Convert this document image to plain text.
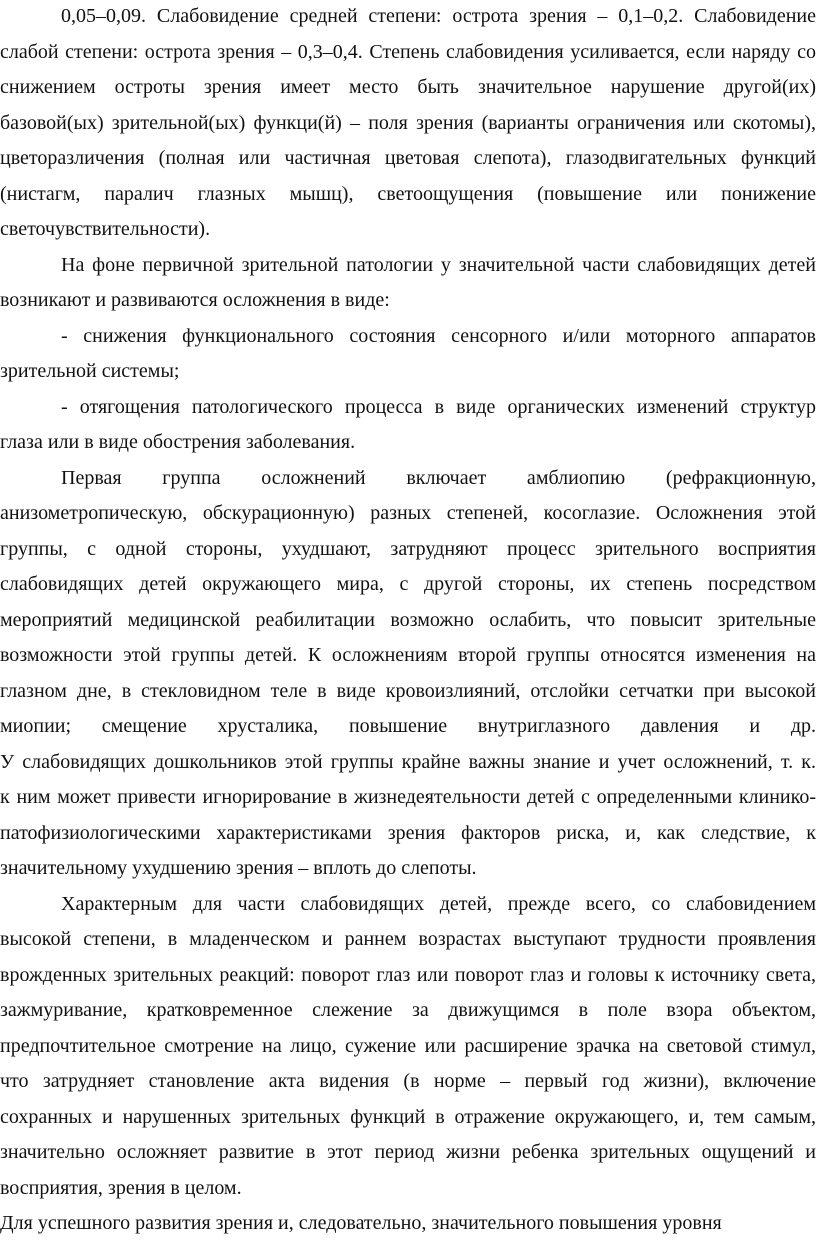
0,05–0,09. Слабовидение средней степени: острота зрения – 0,1–0,2. Слабовидение
слабой степени: острота зрения – 0,3–0,4. Степень слабовидения усиливается, если наряду со
снижением остроты зрения имеет место быть значительное нарушение другой(их)
базовой(ых) зрительной(ых) функци(й) – поля зрения (варианты ограничения или скотомы),
цветоразличения (полная или частичная цветовая слепота), глазодвигательных функций
(нистагм, паралич глазных мышц), светоощущения (повышение или понижение
светочувствительности).
На фоне первичной зрительной патологии у значительной части слабовидящих детей
возникают и развиваются осложнения в виде:
- снижения функционального состояния сенсорного и/или моторного аппаратов
зрительной системы;
- отягощения патологического процесса в виде органических изменений структур
глаза или в виде обострения заболевания.
Первая группа осложнений включает амблиопию (рефракционную,
анизометропическую, обскурационную) разных степеней, косоглазие. Осложнения этой
группы, с одной стороны, ухудшают, затрудняют процесс зрительного восприятия
слабовидящих детей окружающего мира, с другой стороны, их степень посредством
мероприятий медицинской реабилитации возможно ослабить, что повысит зрительные
возможности этой группы детей. К осложнениям второй группы относятся изменения на
глазном дне, в стекловидном теле в виде кровоизлияний, отслойки сетчатки при высокой
миопии; смещение хрусталика, повышение внутриглазного давления и др.
У слабовидящих дошкольников этой группы крайне важны знание и учет осложнений, т. к.
к ним может привести игнорирование в жизнедеятельности детей с определенными клинико-
патофизиологическими характеристиками зрения факторов риска, и, как следствие, к
значительному ухудшению зрения – вплоть до слепоты.
Характерным для части слабовидящих детей, прежде всего, со слабовидением
высокой степени, в младенческом и раннем возрастах выступают трудности проявления
врожденных зрительных реакций: поворот глаз или поворот глаз и головы к источнику света,
зажмуривание, кратковременное слежение за движущимся в поле взора объектом,
предпочтительное смотрение на лицо, сужение или расширение зрачка на световой стимул,
что затрудняет становление акта видения (в норме – первый год жизни), включение
сохранных и нарушенных зрительных функций в отражение окружающего, и, тем самым,
значительно осложняет развитие в этот период жизни ребенка зрительных ощущений и
восприятия, зрения в целом.
Для успешного развития зрения и, следовательно, значительного повышения уровня
